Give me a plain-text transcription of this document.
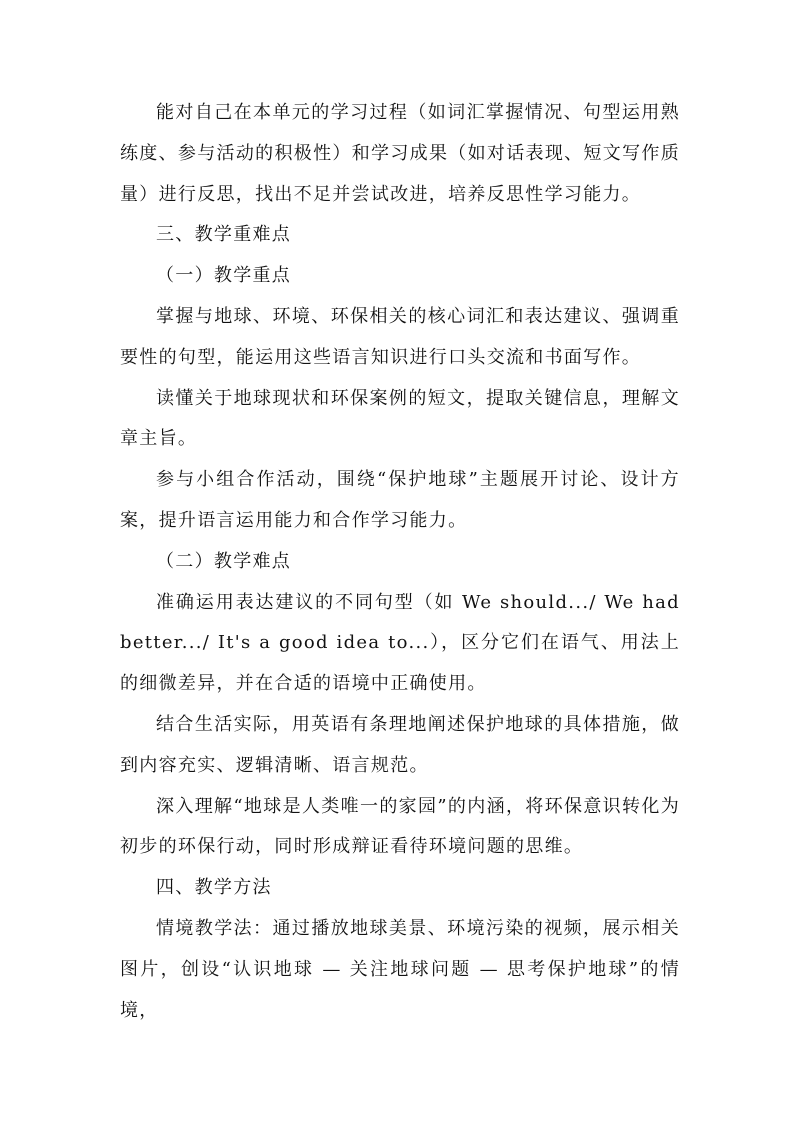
能对自己在本单元的学习过程（如词汇掌握情况、句型运用熟练度、参与活动的积极性）和学习成果（如对话表现、短文写作质量）进行反思，找出不足并尝试改进，培养反思性学习能力。

三、教学重难点

（一）教学重点

掌握与地球、环境、环保相关的核心词汇和表达建议、强调重要性的句型，能运用这些语言知识进行口头交流和书面写作。

读懂关于地球现状和环保案例的短文，提取关键信息，理解文章主旨。

参与小组合作活动，围绕“保护地球”主题展开讨论、设计方案，提升语言运用能力和合作学习能力。

（二）教学难点

准确运用表达建议的不同句型（如 We should.../ We had better.../ It's a good idea to...），区分它们在语气、用法上的细微差异，并在合适的语境中正确使用。

结合生活实际，用英语有条理地阐述保护地球的具体措施，做到内容充实、逻辑清晰、语言规范。

深入理解“地球是人类唯一的家园”的内涵，将环保意识转化为初步的环保行动，同时形成辩证看待环境问题的思维。

四、教学方法

情境教学法：通过播放地球美景、环境污染的视频，展示相关图片，创设“认识地球 — 关注地球问题 — 思考保护地球”的情境，
